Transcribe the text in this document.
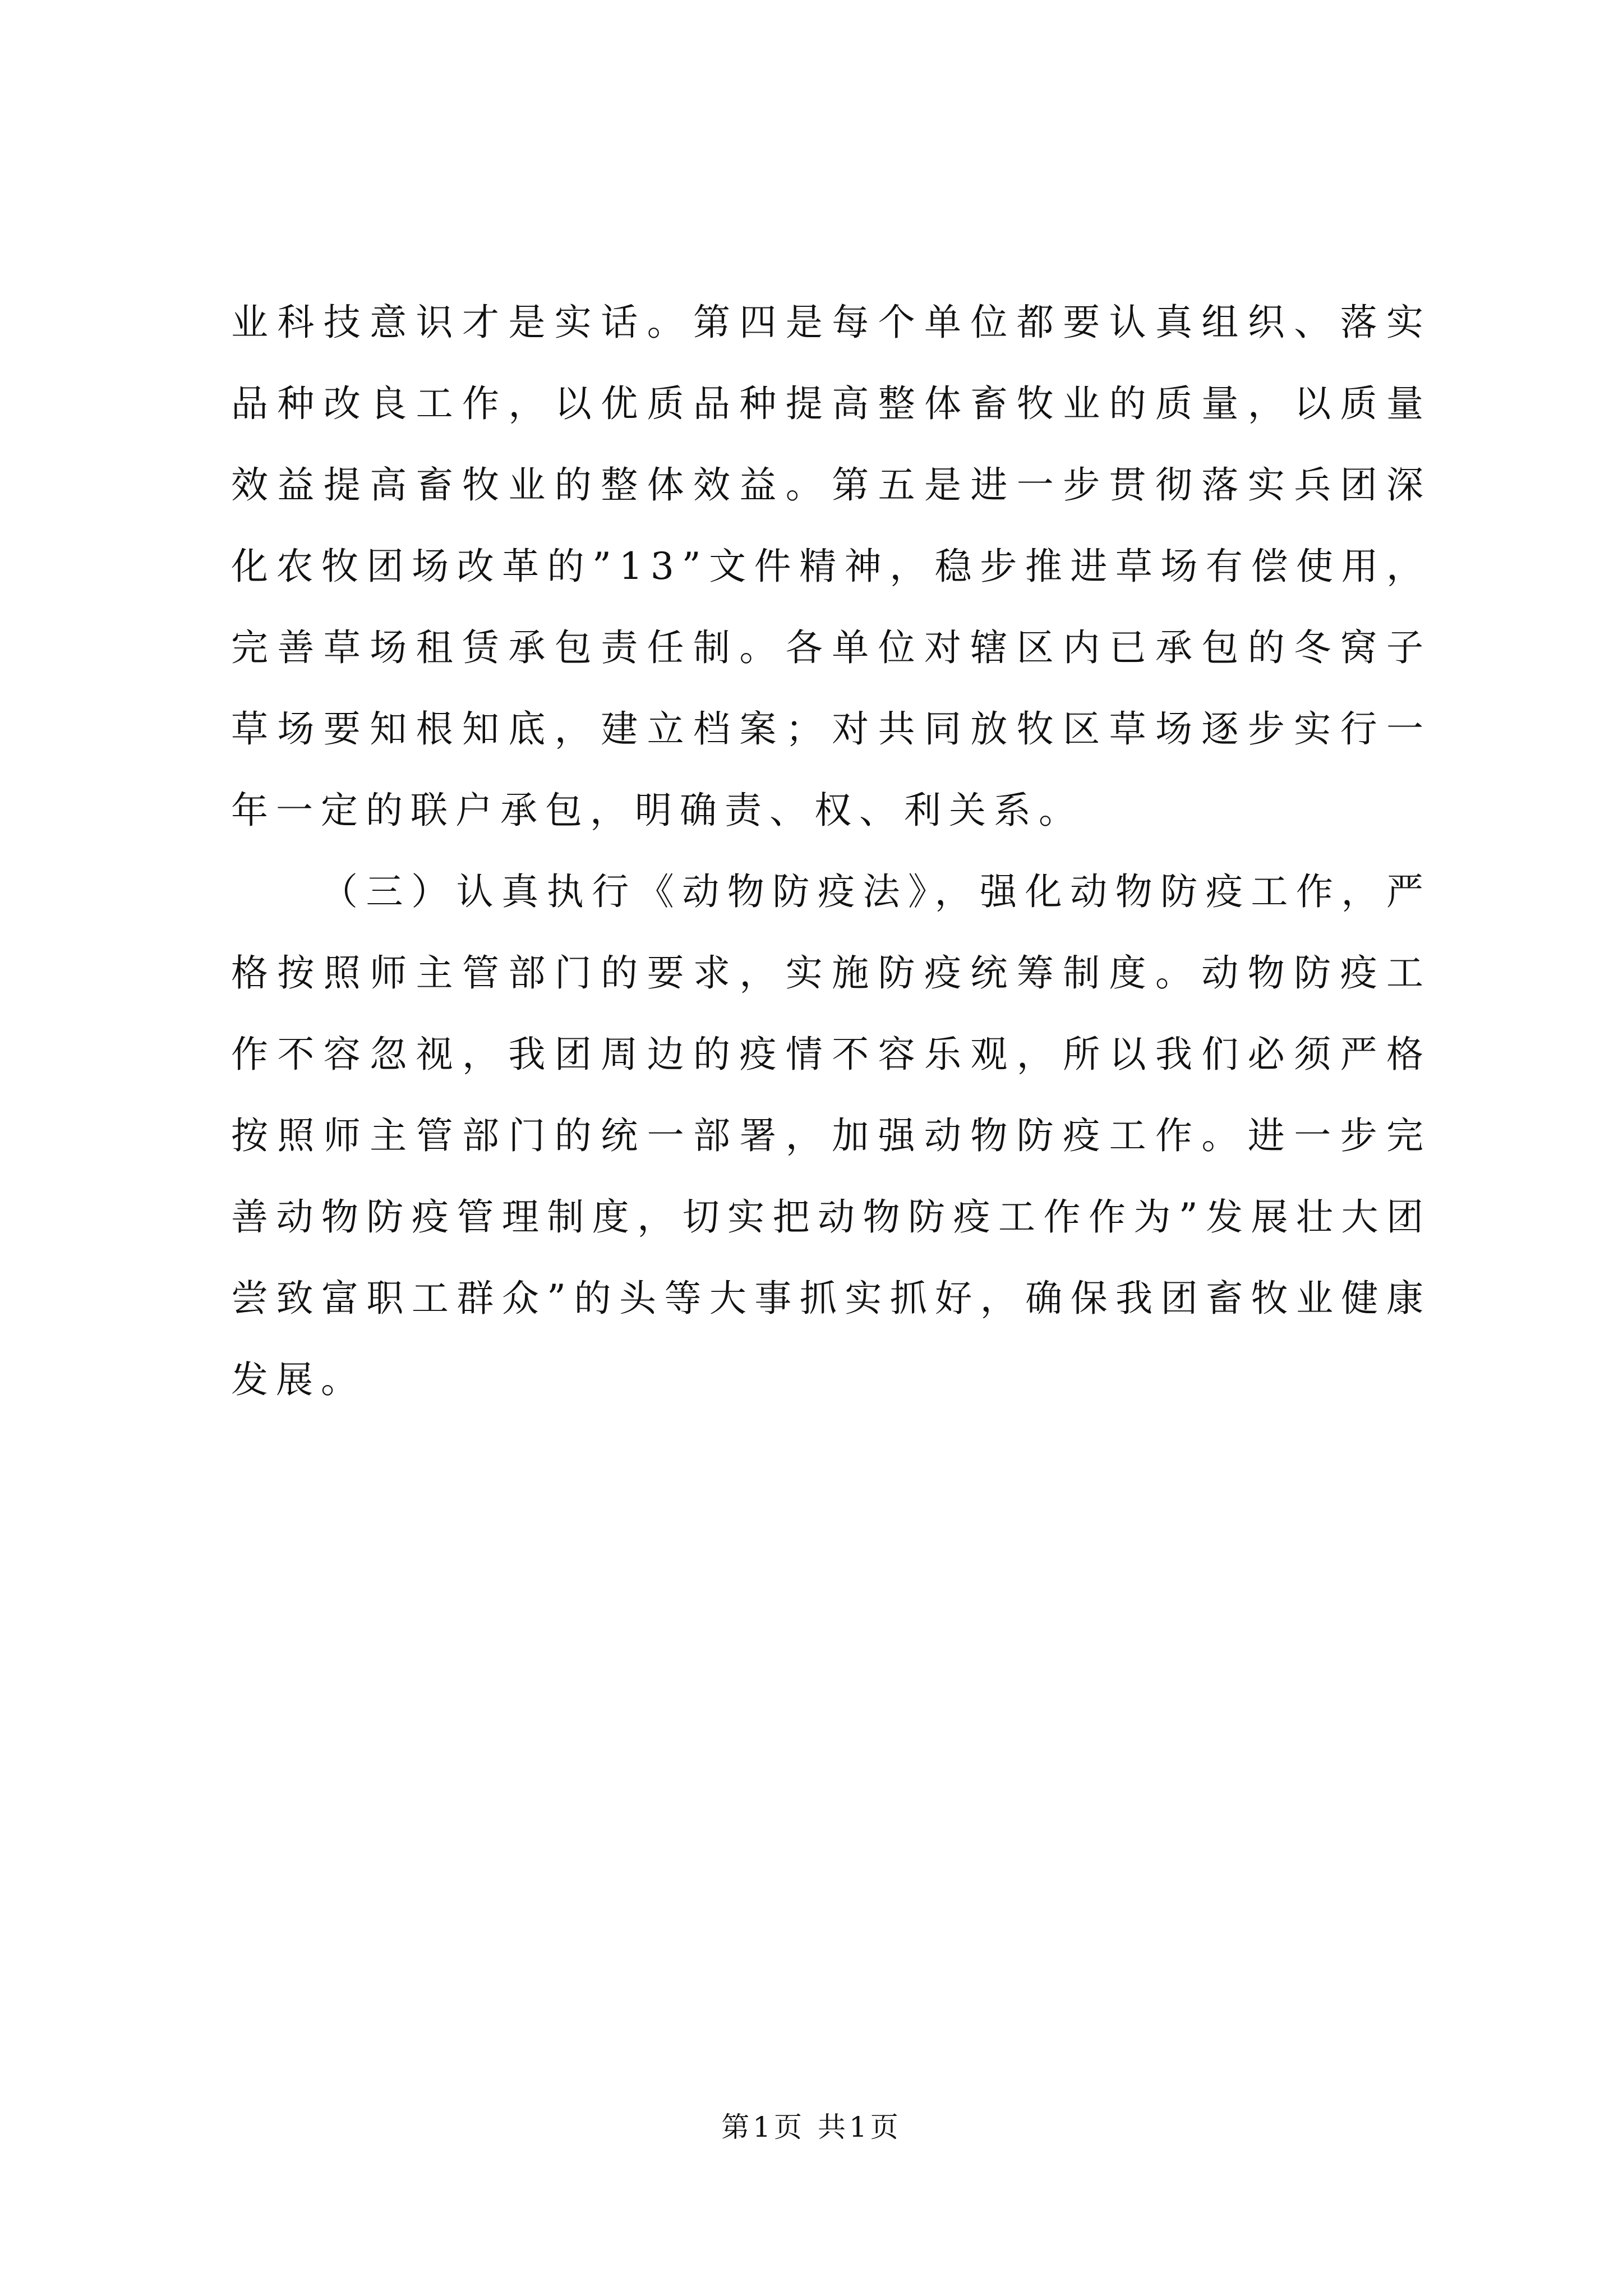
业科技意识才是实话。第四是每个单位都要认真组织、落实品种改良工作，以优质品种提高整体畜牧业的质量，以质量效益提高畜牧业的整体效益。第五是进一步贯彻落实兵团深化农牧团场改革的”13”文件精神，稳步推进草场有偿使用，完善草场租赁承包责任制。各单位对辖区内已承包的冬窝子草场要知根知底，建立档案；对共同放牧区草场逐步实行一年一定的联户承包，明确责、权、利关系。

（三）认真执行《动物防疫法》，强化动物防疫工作，严格按照师主管部门的要求，实施防疫统筹制度。动物防疫工作不容忽视，我团周边的疫情不容乐观，所以我们必须严格按照师主管部门的统一部署，加强动物防疫工作。进一步完善动物防疫管理制度，切实把动物防疫工作作为”发展壮大团尝致富职工群众”的头等大事抓实抓好，确保我团畜牧业健康发展。

第1页 共1页
